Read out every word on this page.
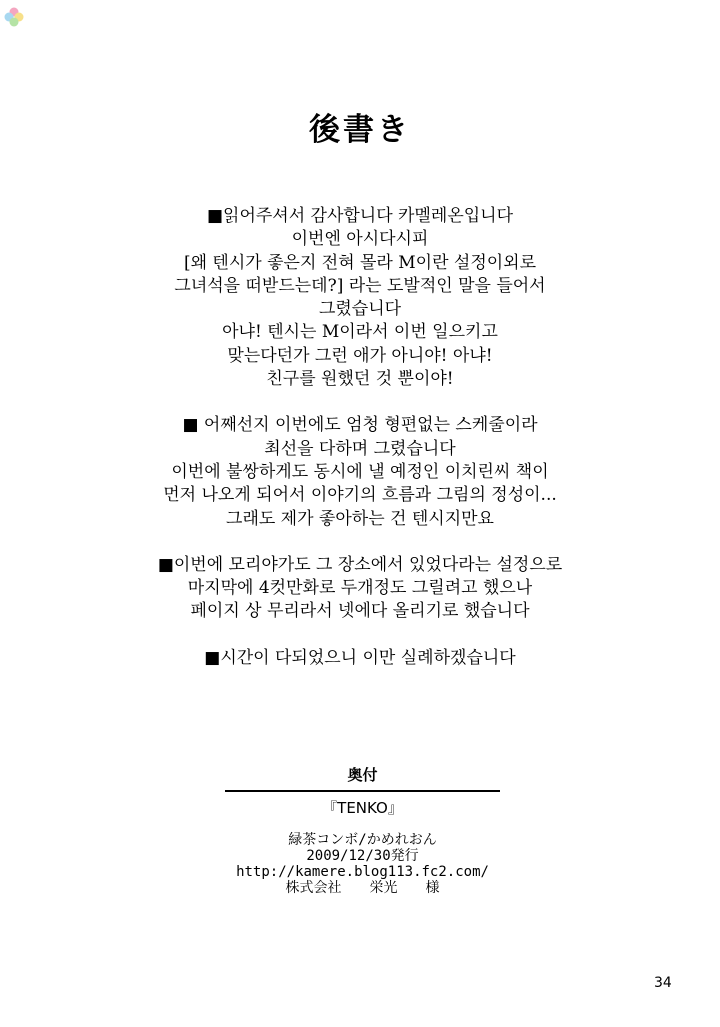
後書き
■읽어주셔서 감사합니다 카멜레온입니다
이번엔 아시다시피
[왜 텐시가 좋은지 전혀 몰라 M이란 설정이외로
그녀석을 떠받드는데?] 라는 도발적인 말을 들어서
그렸습니다
아냐! 텐시는 M이라서 이번 일으키고
맞는다던가 그런 애가 아니야! 아냐!
친구를 원했던 것 뿐이야!
■ 어째선지 이번에도 엄청 형편없는 스케줄이라
최선을 다하며 그렸습니다
이번에 불쌍하게도 동시에 낼 예정인 이치린씨 책이
먼저 나오게 되어서 이야기의 흐름과 그림의 정성이...
그래도 제가 좋아하는 건 텐시지만요
■이번에 모리야가도 그 장소에서 있었다라는 설정으로
마지막에 4컷만화로 두개정도 그릴려고 했으나
페이지 상 무리라서 넷에다 올리기로 했습니다
■시간이 다되었으니 이만 실례하겠습니다
奥付
『TENKO』
緑茶コンボ/かめれおん
2009/12/30発行
http://kamere.blog113.fc2.com/
株式会社　　栄光　　様
34
